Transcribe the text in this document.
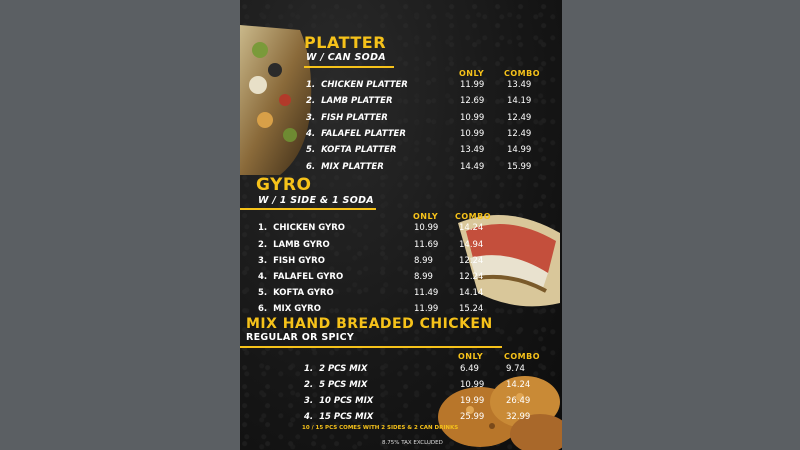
PLATTER
W / CAN SODA
ONLY COMBO
1. CHICKEN PLATTER	11.99	13.49
2. LAMB PLATTER	12.69	14.19
3. FISH PLATTER	10.99	12.49
4. FALAFEL PLATTER	10.99	12.49
5. KOFTA PLATTER	13.49	14.99
6. MIX PLATTER	14.49	15.99
GYRO
W / 1 SIDE & 1 SODA
ONLY COMBO
1. CHICKEN GYRO	10.99 14.24
2. LAMB GYRO	11.69 14.94
3. FISH GYRO	8.99	12.24
4. FALAFEL GYRO	8.99	12.24
5. KOFTA GYRO	11.49 14.14
6. MIX GYRO	11.99 15.24
MIX HAND BREADED CHICKEN
REGULAR OR SPICY
ONLY	COMBO
1. 2 PCS MIX	6.49	9.74
2. 5 PCS MIX	10.99	14.24
3. 10 PCS MIX	19.99	26.49
4. 15 PCS MIX	25.99	32.99
10 / 15 PCS COMES WITH 2 SIDES & 2 CAN DRINKS
8.75% TAX EXCLUDED
